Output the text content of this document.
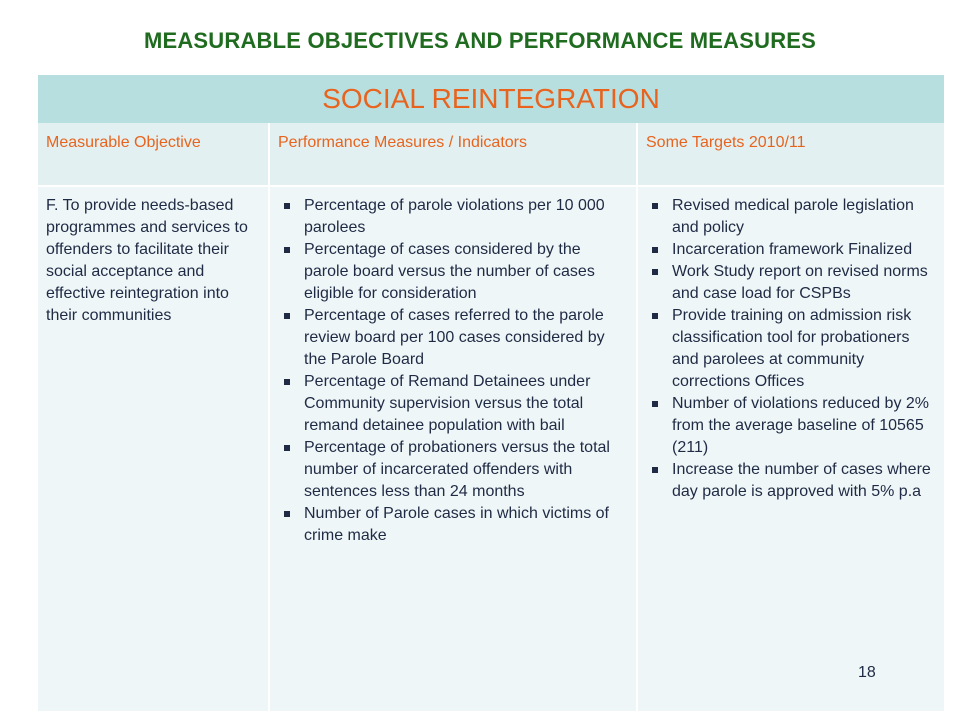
MEASURABLE OBJECTIVES AND PERFORMANCE MEASURES
SOCIAL REINTEGRATION
Measurable Objective	Performance Measures / Indicators	Some Targets 2010/11
F. To provide needs-based programmes and services to offenders to facilitate their social acceptance and effective reintegration into their communities
Percentage of parole violations per 10 000 parolees
Percentage of cases considered by the parole board versus the number of cases eligible for consideration
Percentage of cases referred to the parole review board per 100 cases considered by the Parole Board
Percentage of Remand Detainees under Community supervision versus the total remand detainee population with bail
Percentage of probationers versus the total number of incarcerated offenders with sentences less than 24 months
Number of Parole cases in which victims of crime make
Revised medical parole legislation and policy
Incarceration framework Finalized
Work Study report on revised norms and case load for CSPBs
Provide training on admission risk classification tool for probationers and parolees at community corrections Offices
Number of violations reduced by 2% from the average baseline of 10565 (211)
Increase the number of cases where day parole is approved with 5% p.a
18
